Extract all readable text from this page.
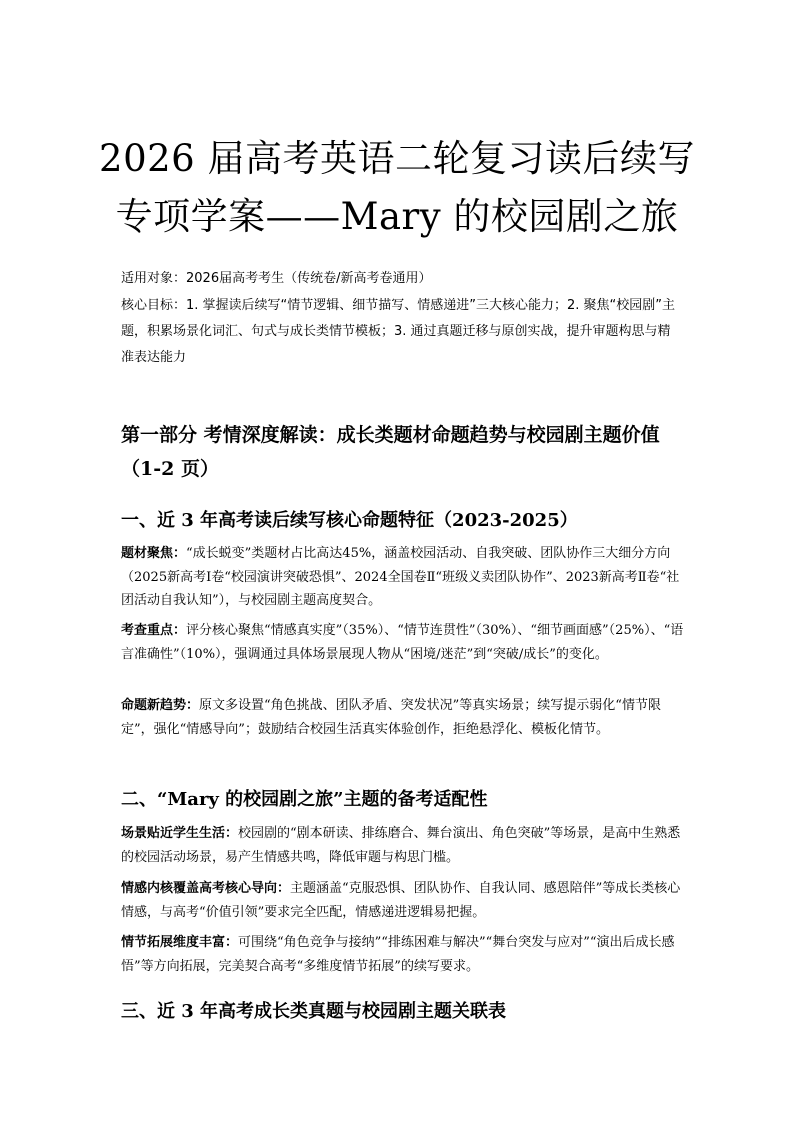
2026 届高考英语二轮复习读后续写
专项学案——Mary 的校园剧之旅
适用对象：2026届高考考生（传统卷/新高考卷通用）
核心目标：1. 掌握读后续写“情节逻辑、细节描写、情感递进”三大核心能力；2. 聚焦“校园剧”主题，积累场景化词汇、句式与成长类情节模板；3. 通过真题迁移与原创实战，提升审题构思与精准表达能力
第一部分 考情深度解读：成长类题材命题趋势与校园剧主题价值（1-2 页）
一、近 3 年高考读后续写核心命题特征（2023-2025）
题材聚焦：“成长蜕变”类题材占比高达45%，涵盖校园活动、自我突破、团队协作三大细分方向（2025新高考Ⅰ卷“校园演讲突破恐惧”、2024全国卷Ⅱ“班级义卖团队协作”、2023新高考Ⅱ卷“社团活动自我认知”），与校园剧主题高度契合。
考查重点：评分核心聚焦“情感真实度”（35%）、“情节连贯性”（30%）、“细节画面感”（25%）、“语言准确性”（10%），强调通过具体场景展现人物从“困境/迷茫”到“突破/成长”的变化。
命题新趋势：原文多设置“角色挑战、团队矛盾、突发状况”等真实场景；续写提示弱化“情节限定”，强化“情感导向”；鼓励结合校园生活真实体验创作，拒绝悬浮化、模板化情节。
二、“Mary 的校园剧之旅”主题的备考适配性
场景贴近学生生活：校园剧的“剧本研读、排练磨合、舞台演出、角色突破”等场景，是高中生熟悉的校园活动场景，易产生情感共鸣，降低审题与构思门槛。
情感内核覆盖高考核心导向：主题涵盖“克服恐惧、团队协作、自我认同、感恩陪伴”等成长类核心情感，与高考“价值引领”要求完全匹配，情感递进逻辑易把握。
情节拓展维度丰富：可围绕“角色竞争与接纳”“排练困难与解决”“舞台突发与应对”“演出后成长感悟”等方向拓展，完美契合高考“多维度情节拓展”的续写要求。
三、近 3 年高考成长类真题与校园剧主题关联表
